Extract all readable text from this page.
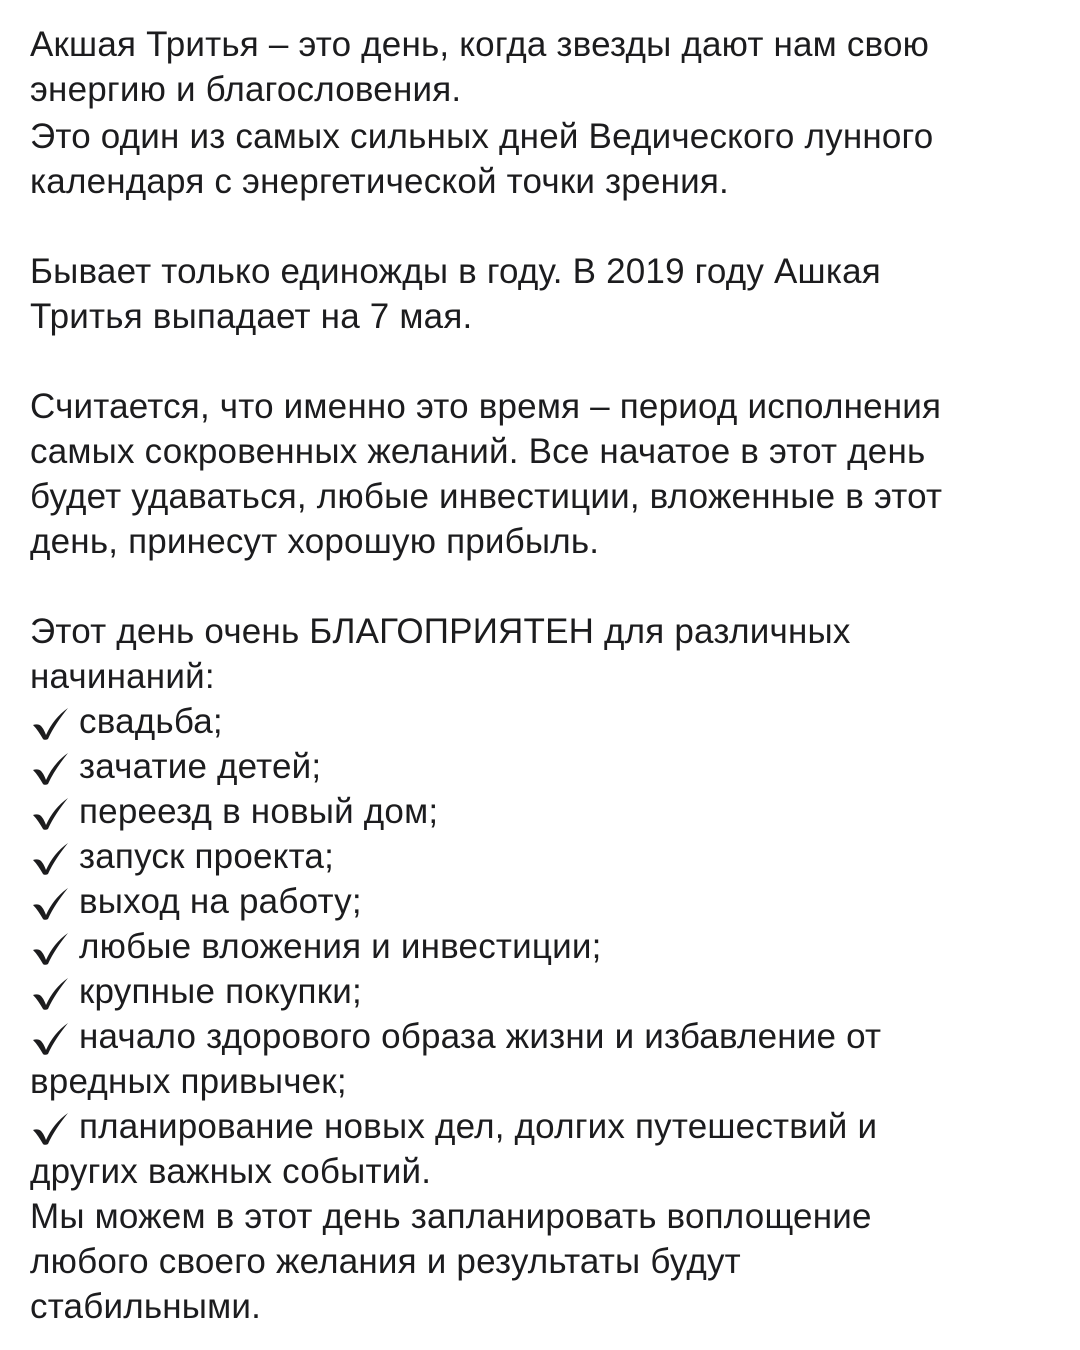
Акшая Тритья – это день, когда звезды дают нам свою
энергию и благословения.
Это один из самых сильных дней Ведического лунного
календаря с энергетической точки зрения.
Бывает только единожды в году. В 2019 году Ашкая
Тритья выпадает на 7 мая.
Считается, что именно это время – период исполнения
самых сокровенных желаний. Все начатое в этот день
будет удаваться, любые инвестиции, вложенные в этот
день, принесут хорошую прибыль.
Этот день очень БЛАГОПРИЯТЕН для различных
начинаний:
свадьба;
зачатие детей;
переезд в новый дом;
запуск проекта;
выход на работу;
любые вложения и инвестиции;
крупные покупки;
начало здорового образа жизни и избавление от
вредных привычек;
планирование новых дел, долгих путешествий и
других важных событий.
Мы можем в этот день запланировать воплощение
любого своего желания и результаты будут
стабильными.
